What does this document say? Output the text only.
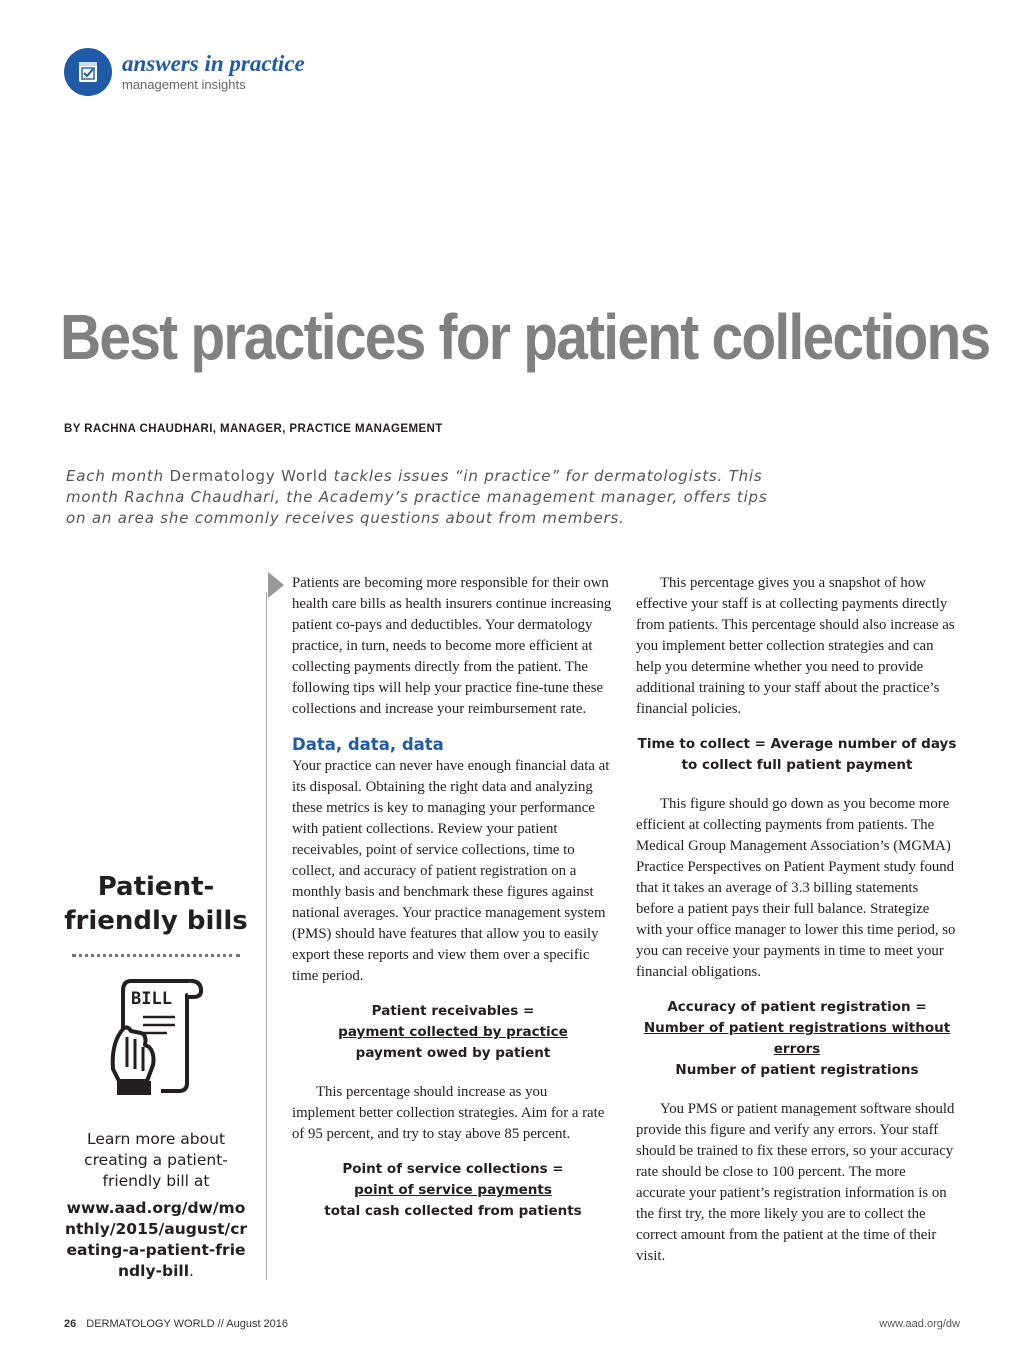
answers in practice
management insights
Best practices for patient collections
BY RACHNA CHAUDHARI, MANAGER, PRACTICE MANAGEMENT
Each month Dermatology World tackles issues “in practice” for dermatologists. This month Rachna Chaudhari, the Academy’s practice management manager, offers tips on an area she commonly receives questions about from members.
Patient-friendly bills
BILL
Learn more about creating a patient-friendly bill at
www.aad.org/dw/monthly/2015/august/creating-a-patient-friendly-bill.

Patients are becoming more responsible for their own health care bills as health insurers continue increasing patient co-pays and deductibles. Your dermatology practice, in turn, needs to become more efficient at collecting payments directly from the patient. The following tips will help your practice fine-tune these collections and increase your reimbursement rate.

Data, data, data

Your practice can never have enough financial data at its disposal. Obtaining the right data and analyzing these metrics is key to managing your performance with patient collections. Review your patient receivables, point of service collections, time to collect, and accuracy of patient registration on a monthly basis and benchmark these figures against national averages. Your practice management system (PMS) should have features that allow you to easily export these reports and view them over a specific time period.

Patient receivables =
payment collected by practice
payment owed by patient

This percentage should increase as you implement better collection strategies. Aim for a rate of 95 percent, and try to stay above 85 percent.

Point of service collections =
point of service payments
total cash collected from patients

This percentage gives you a snapshot of how effective your staff is at collecting payments directly from patients. This percentage should also increase as you implement better collection strategies and can help you determine whether you need to provide additional training to your staff about the practice’s financial policies.

Time to collect = Average number of days to collect full patient payment

This figure should go down as you become more efficient at collecting payments from patients. The Medical Group Management Association’s (MGMA) Practice Perspectives on Patient Payment study found that it takes an average of 3.3 billing statements before a patient pays their full balance. Strategize with your office manager to lower this time period, so you can receive your payments in time to meet your financial obligations.

Accuracy of patient registration =
Number of patient registrations without errors
Number of patient registrations

You PMS or patient management software should provide this figure and verify any errors. Your staff should be trained to fix these errors, so your accuracy rate should be close to 100 percent. The more accurate your patient’s registration information is on the first try, the more likely you are to collect the correct amount from the patient at the time of their visit.

26 DERMATOLOGY WORLD // August 2016	www.aad.org/dw
